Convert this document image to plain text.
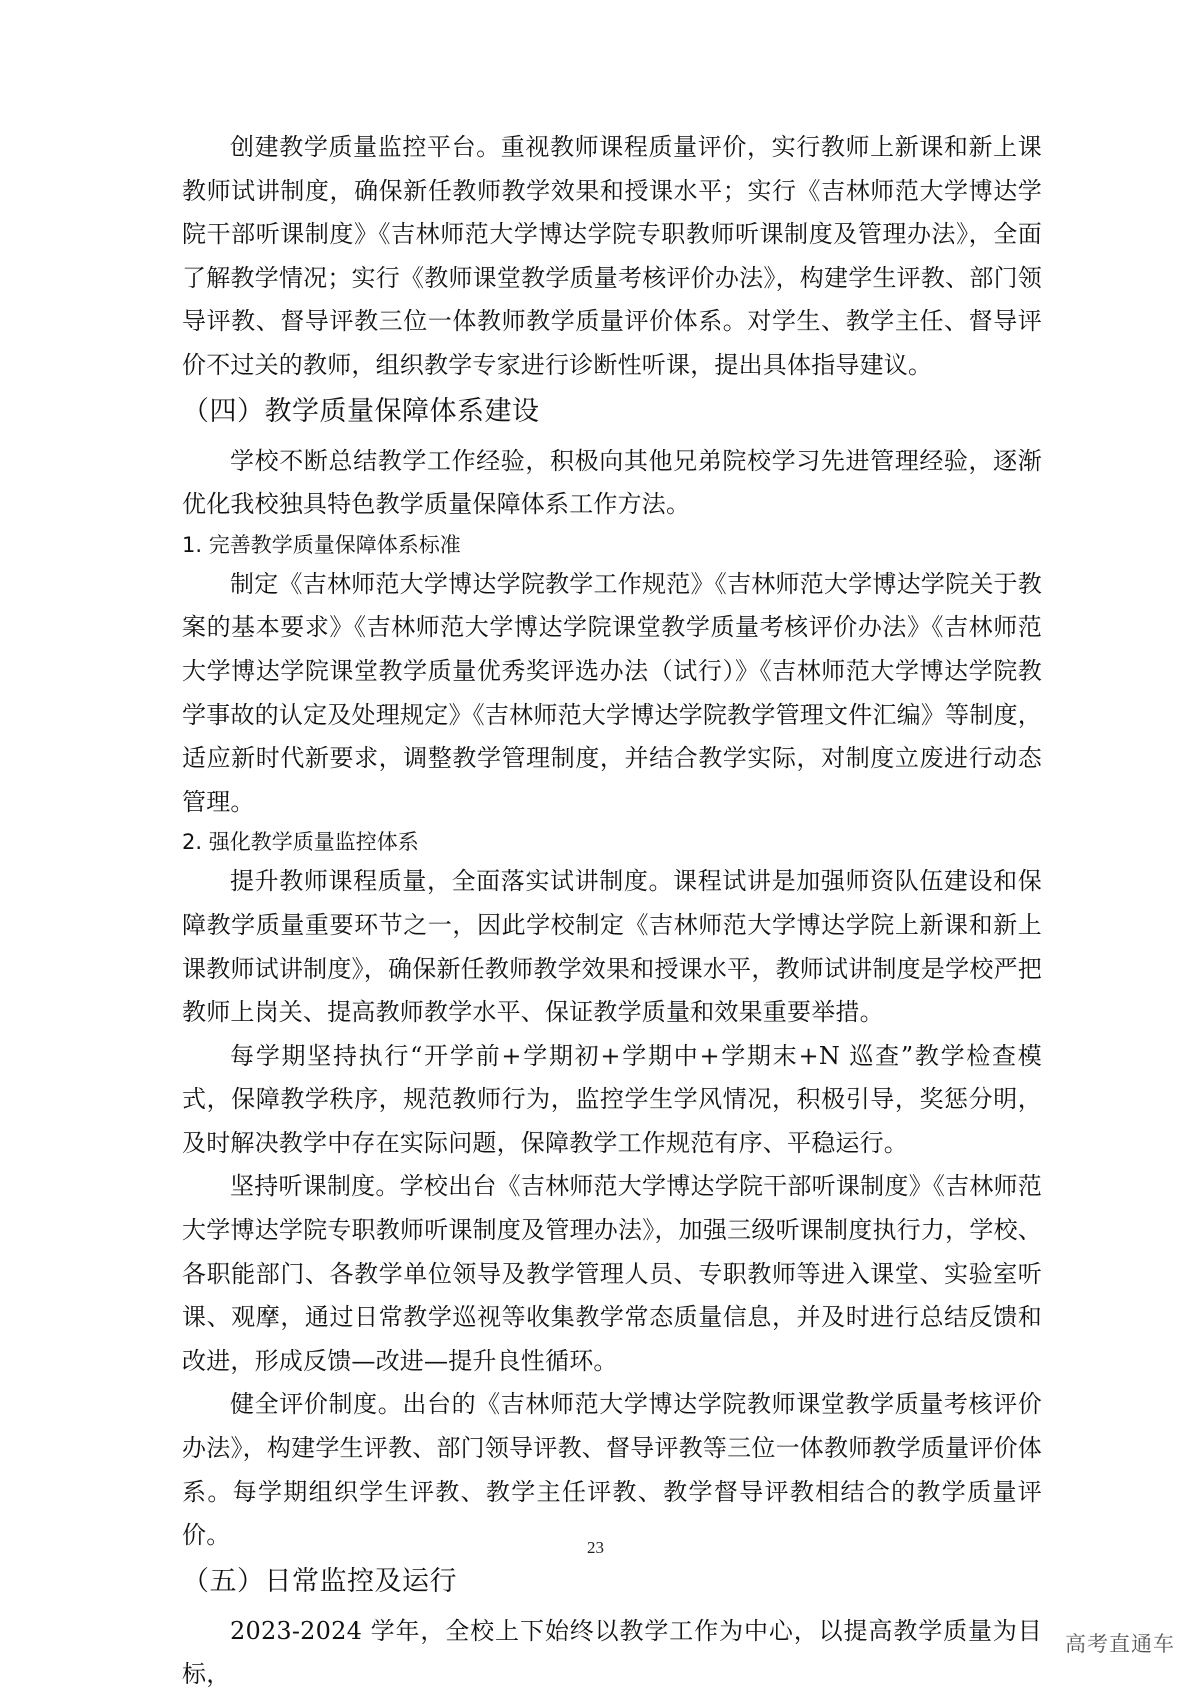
创建教学质量监控平台。重视教师课程质量评价，实行教师上新课和新上课教师试讲制度，确保新任教师教学效果和授课水平；实行《吉林师范大学博达学院干部听课制度》《吉林师范大学博达学院专职教师听课制度及管理办法》，全面了解教学情况；实行《教师课堂教学质量考核评价办法》，构建学生评教、部门领导评教、督导评教三位一体教师教学质量评价体系。对学生、教学主任、督导评价不过关的教师，组织教学专家进行诊断性听课，提出具体指导建议。

（四）教学质量保障体系建设

学校不断总结教学工作经验，积极向其他兄弟院校学习先进管理经验，逐渐优化我校独具特色教学质量保障体系工作方法。

1. 完善教学质量保障体系标准

制定《吉林师范大学博达学院教学工作规范》《吉林师范大学博达学院关于教案的基本要求》《吉林师范大学博达学院课堂教学质量考核评价办法》《吉林师范大学博达学院课堂教学质量优秀奖评选办法（试行）》《吉林师范大学博达学院教学事故的认定及处理规定》《吉林师范大学博达学院教学管理文件汇编》等制度，适应新时代新要求，调整教学管理制度，并结合教学实际，对制度立废进行动态管理。

2. 强化教学质量监控体系

提升教师课程质量，全面落实试讲制度。课程试讲是加强师资队伍建设和保障教学质量重要环节之一，因此学校制定《吉林师范大学博达学院上新课和新上课教师试讲制度》，确保新任教师教学效果和授课水平，教师试讲制度是学校严把教师上岗关、提高教师教学水平、保证教学质量和效果重要举措。

每学期坚持执行“开学前+学期初+学期中+学期末+N 巡查”教学检查模式，保障教学秩序，规范教师行为，监控学生学风情况，积极引导，奖惩分明，及时解决教学中存在实际问题，保障教学工作规范有序、平稳运行。

坚持听课制度。学校出台《吉林师范大学博达学院干部听课制度》《吉林师范大学博达学院专职教师听课制度及管理办法》，加强三级听课制度执行力，学校、各职能部门、各教学单位领导及教学管理人员、专职教师等进入课堂、实验室听课、观摩，通过日常教学巡视等收集教学常态质量信息，并及时进行总结反馈和改进，形成反馈—改进—提升良性循环。

健全评价制度。出台的《吉林师范大学博达学院教师课堂教学质量考核评价办法》，构建学生评教、部门领导评教、督导评教等三位一体教师教学质量评价体系。每学期组织学生评教、教学主任评教、教学督导评教相结合的教学质量评价。

（五）日常监控及运行

2023-2024 学年，全校上下始终以教学工作为中心，以提高教学质量为目标，

23
高考直通车
